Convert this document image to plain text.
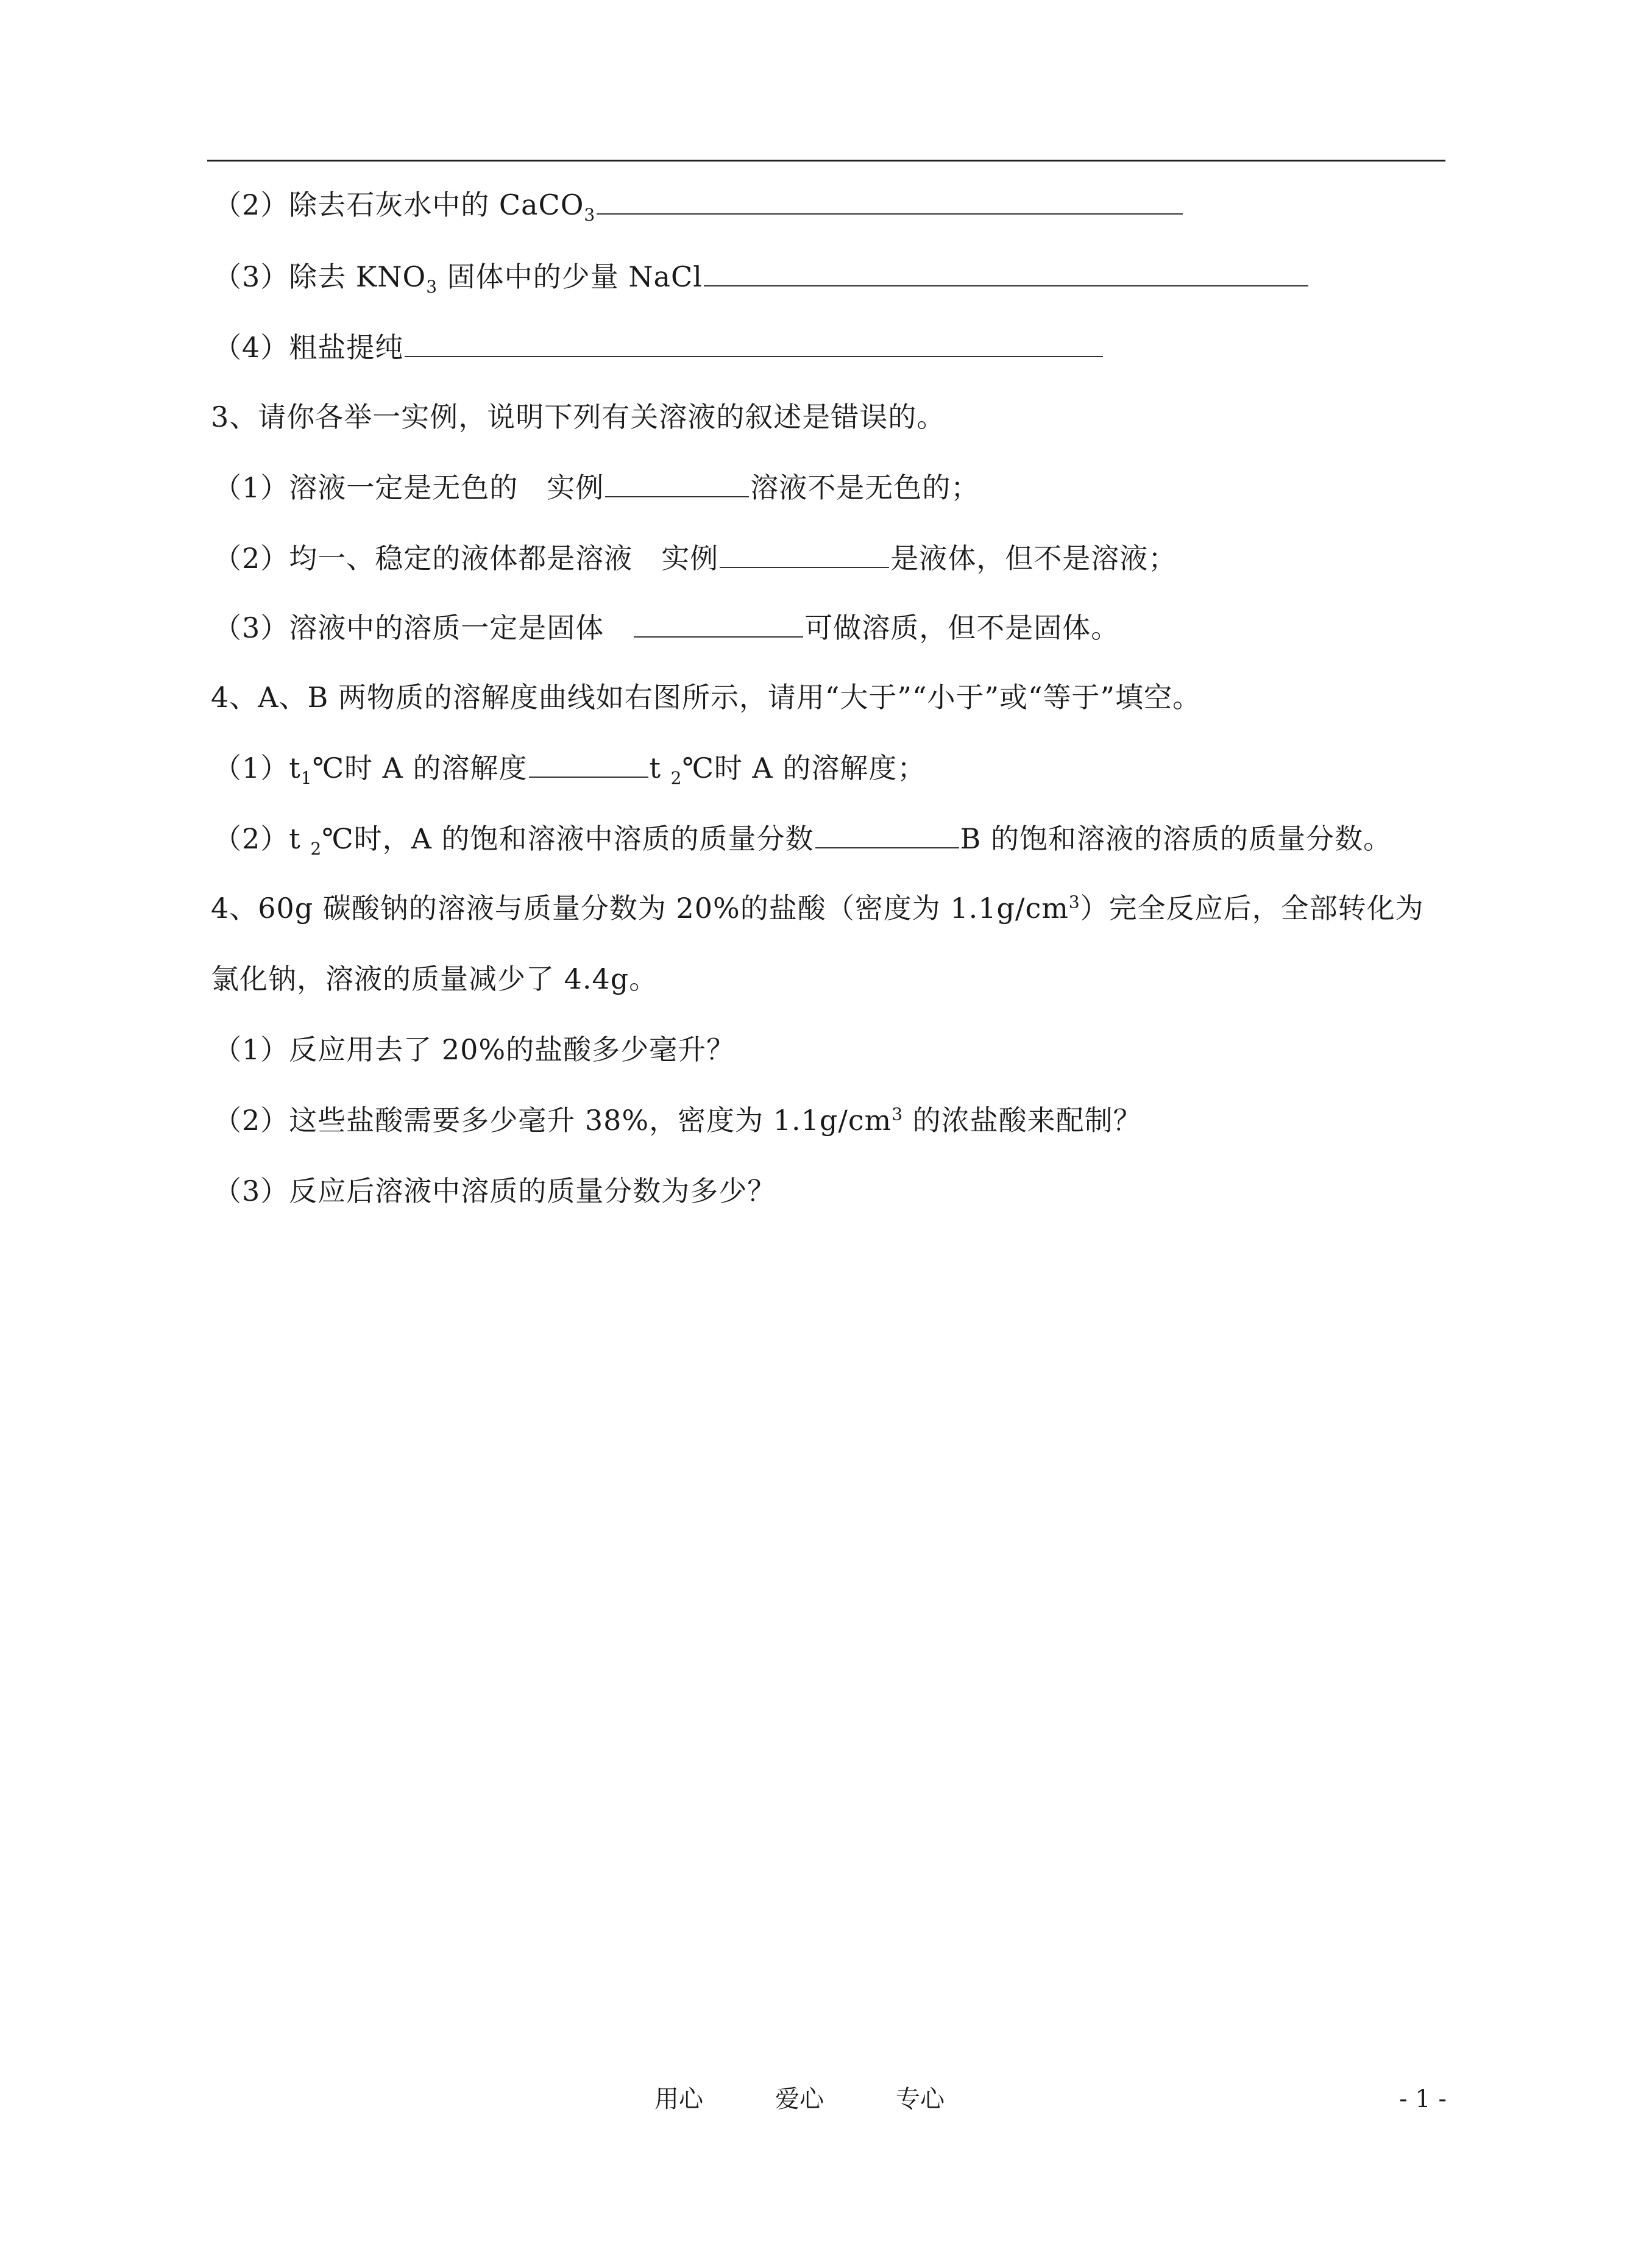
（2）除去石灰水中的 CaCO$_3$
（3）除去 $KNO_3$ 固体中的少量 NaCl
（4）粗盐提纯
3、请你各举一实例，说明下列有关溶液的叙述是错误的。
（1）溶液一定是无色的　实例	溶液不是无色的；
（2）均一、稳定的液体都是溶液　实例	是液体，但不是溶液；
（3）溶液中的溶质一定是固体　	可做溶质，但不是固体。
4、A、B 两物质的溶解度曲线如右图所示，请用“大于”“小于”或“等于”填空。
$(1)t_1℃$时 A 的溶解度	t $_2$℃时 A 的溶解度；
（2）t $_2$℃时，A 的饱和溶液中溶质的质量分数	B 的饱和溶液的溶质的质量分数。
4、60g 碳酸钠的溶液与质量分数为 20%的盐酸（密度为 $1.1g/cm^3$）完全反应后，全部转化为
氯化钠，溶液的质量减少了 4.4g。
（1）反应用去了 20%的盐酸多少毫升？
（2）这些盐酸需要多少毫升 38%，密度为 $1.1g/cm^3$ 的浓盐酸来配制？
（3）反应后溶液中溶质的质量分数为多少？
用心	爱心	专心	- 1 -
